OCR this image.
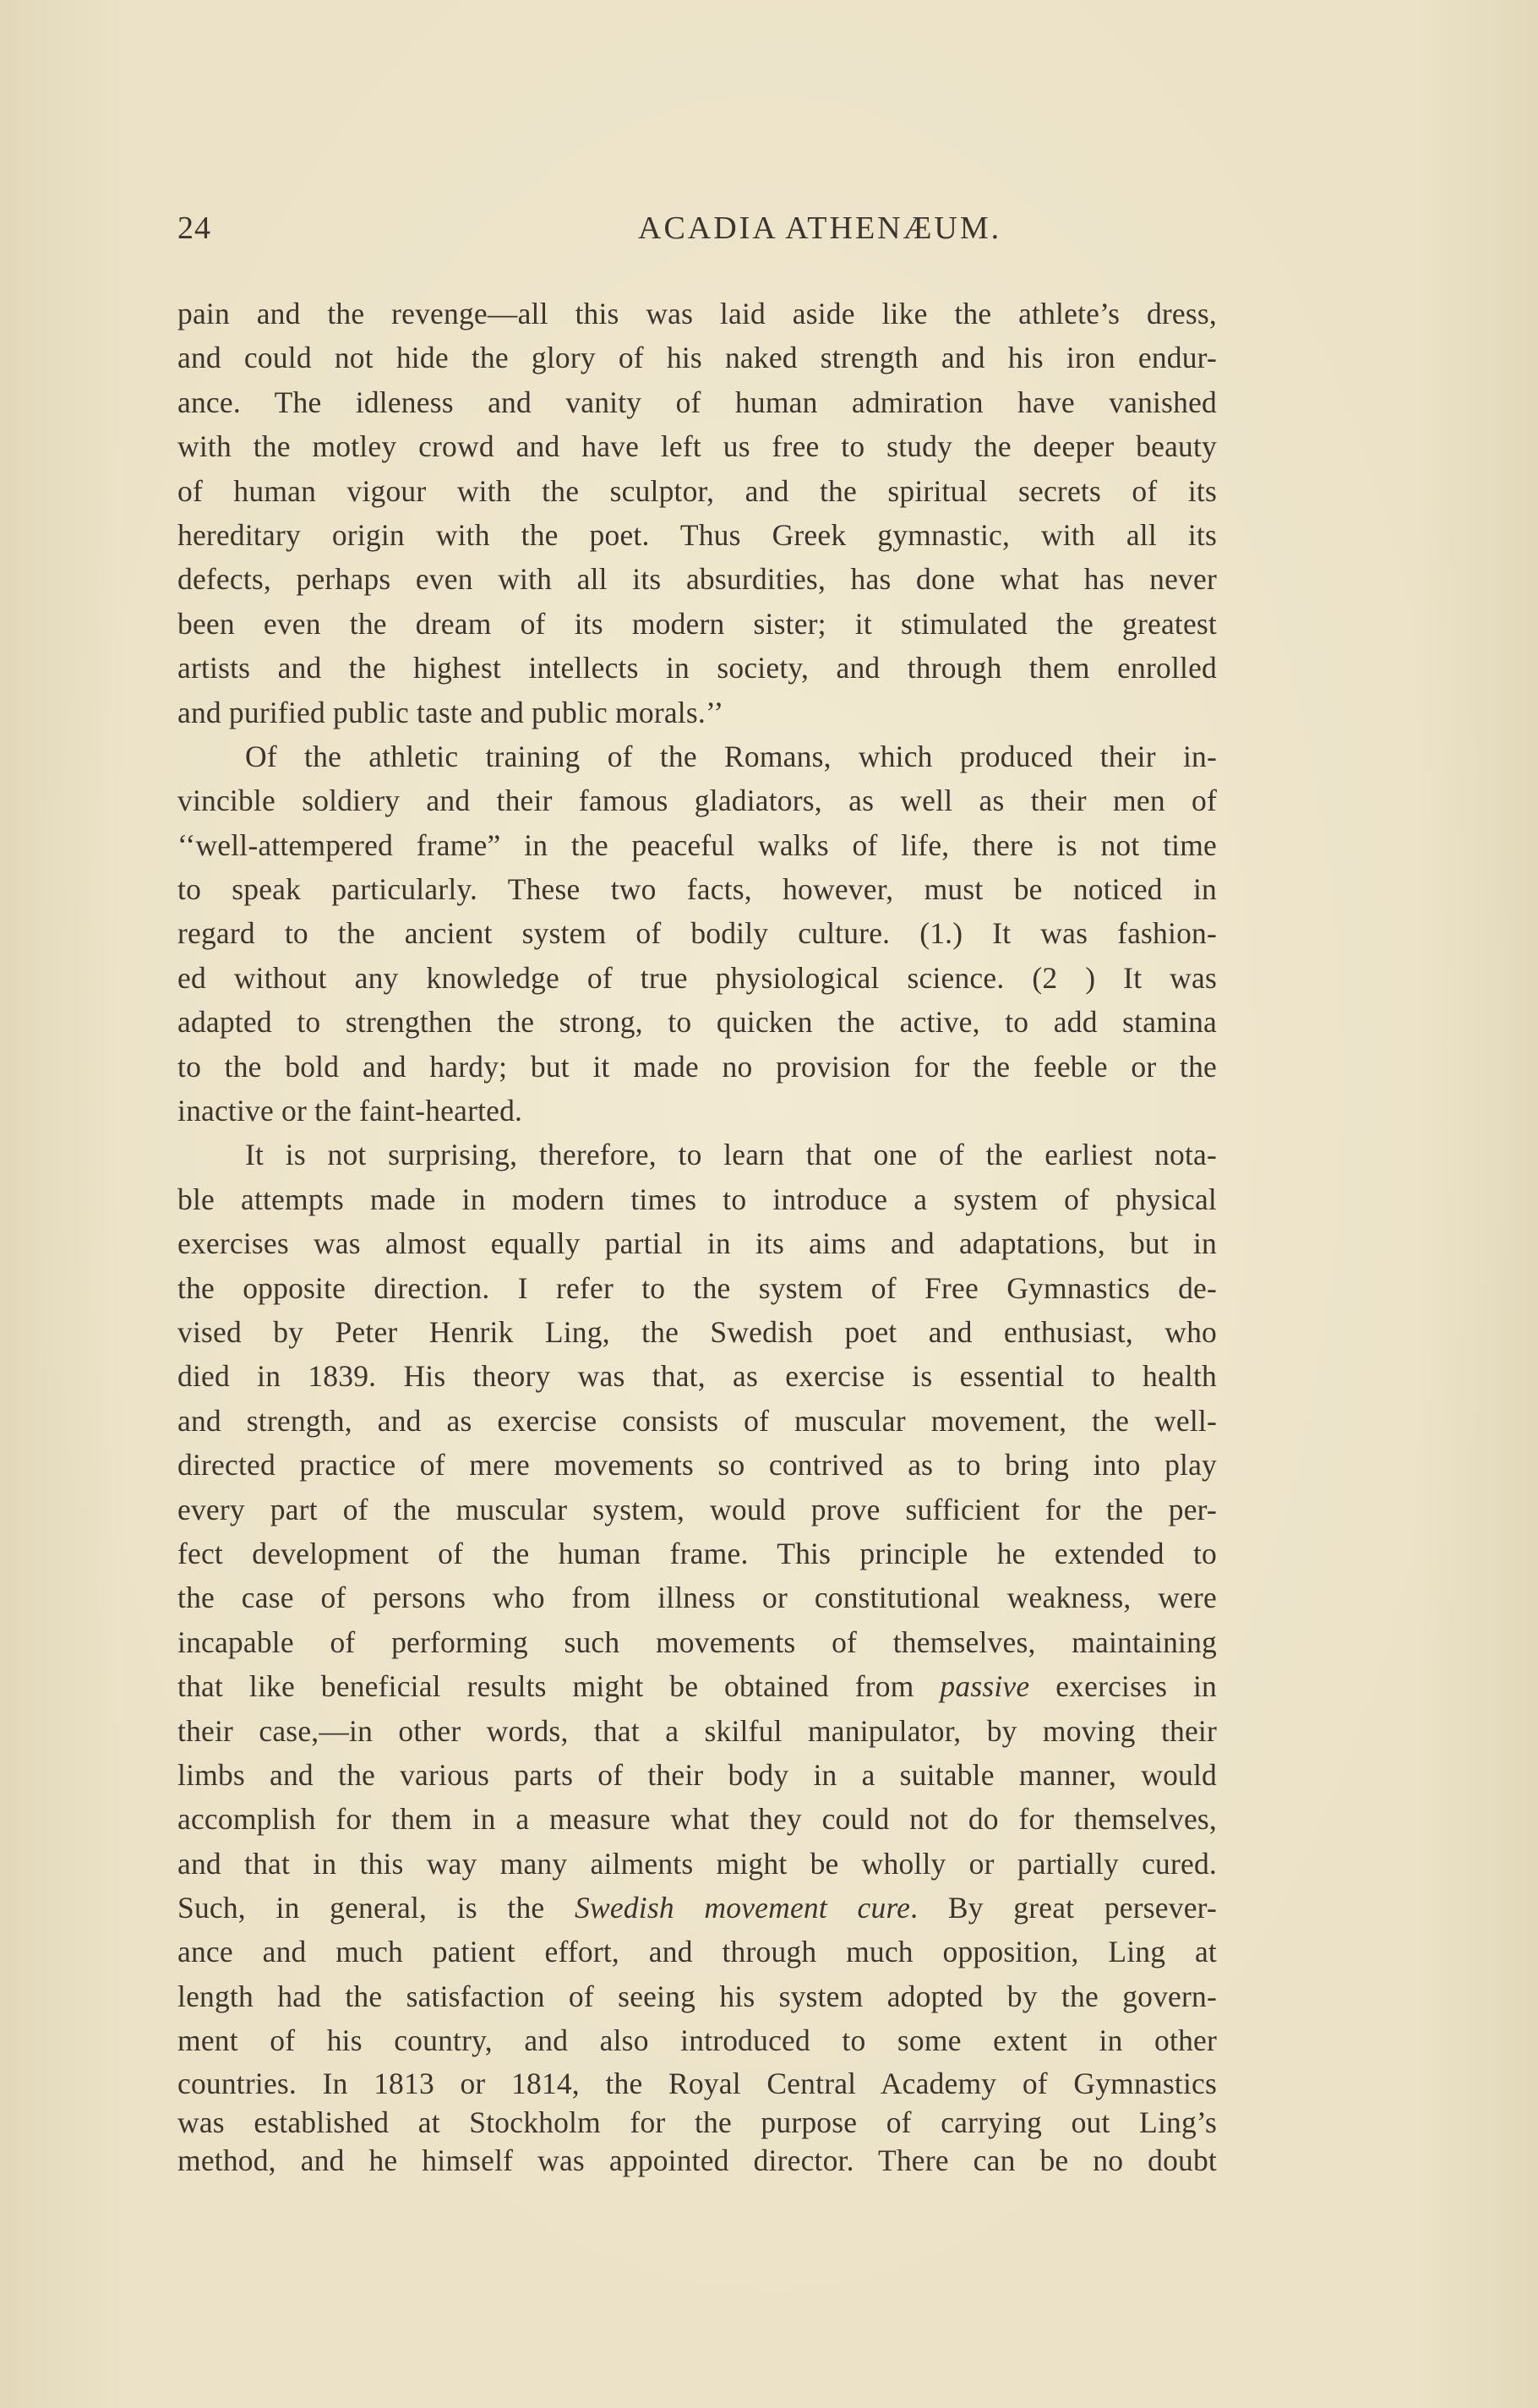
24	ACADIA ATHENÆUM.
pain and the revenge—all this was laid aside like the athlete’s dress,
and could not hide the glory of his naked strength and his iron endur-
ance. The idleness and vanity of human admiration have vanished
with the motley crowd and have left us free to study the deeper beauty
of human vigour with the sculptor, and the spiritual secrets of its
hereditary origin with the poet. Thus Greek gymnastic, with all its
defects, perhaps even with all its absurdities, has done what has never
been even the dream of its modern sister; it stimulated the greatest
artists and the highest intellects in society, and through them enrolled
and purified public taste and public morals.’’
Of the athletic training of the Romans, which produced their in-
vincible soldiery and their famous gladiators, as well as their men of
‘‘well-attempered frame” in the peaceful walks of life, there is not time
to speak particularly. These two facts, however, must be noticed in
regard to the ancient system of bodily culture. (1.) It was fashion-
ed without any knowledge of true physiological science. (2 ) It was
adapted to strengthen the strong, to quicken the active, to add stamina
to the bold and hardy; but it made no provision for the feeble or the
inactive or the faint-hearted.
It is not surprising, therefore, to learn that one of the earliest nota-
ble attempts made in modern times to introduce a system of physical
exercises was almost equally partial in its aims and adaptations, but in
the opposite direction. I refer to the system of Free Gymnastics de-
vised by Peter Henrik Ling, the Swedish poet and enthusiast, who
died in 1839. His theory was that, as exercise is essential to health
and strength, and as exercise consists of muscular movement, the well-
directed practice of mere movements so contrived as to bring into play
every part of the muscular system, would prove sufficient for the per-
fect development of the human frame. This principle he extended to
the case of persons who from illness or constitutional weakness, were
incapable of performing such movements of themselves, maintaining
that like beneficial results might be obtained from passive exercises in
their case,—in other words, that a skilful manipulator, by moving their
limbs and the various parts of their body in a suitable manner, would
accomplish for them in a measure what they could not do for themselves,
and that in this way many ailments might be wholly or partially cured.
Such, in general, is the Swedish movement cure. By great persever-
ance and much patient effort, and through much opposition, Ling at
length had the satisfaction of seeing his system adopted by the govern-
ment of his country, and also introduced to some extent in other
countries. In 1813 or 1814, the Royal Central Academy of Gymnastics
was established at Stockholm for the purpose of carrying out Ling’s
method, and he himself was appointed director. There can be no doubt
